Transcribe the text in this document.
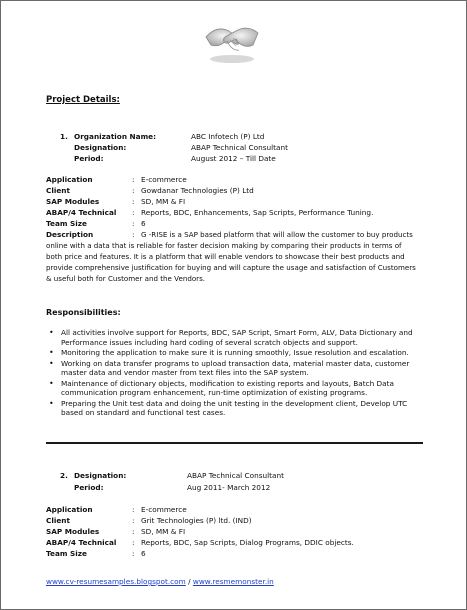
Project Details:
1. Organization Name:	ABC Infotech (P) Ltd
Designation:	ABAP Technical Consultant
Period:	August 2012 – Till Date
Application	: E-commerce
Client	: Gowdanar Technologies (P) Ltd
SAP Modules	: SD, MM & FI
ABAP/4 Technical : Reports, BDC, Enhancements, Sap Scripts, Performance Tuning.
Team Size	: 6
Description	: G -RISE is a SAP based platform that will allow the customer to buy products
online with a data that is reliable for faster decision making by comparing their products in terms of
both price and features. It is a platform that will enable vendors to showcase their best products and
provide comprehensive justification for buying and will capture the usage and satisfaction of Customers
& useful both for Customer and the Vendors.
Responsibilities:
• All activities involve support for Reports, BDC, SAP Script, Smart Form, ALV, Data Dictionary and Performance issues including hard coding of several scratch objects and support.
• Monitoring the application to make sure it is running smoothly, Issue resolution and escalation.
• Working on data transfer programs to upload transaction data, material master data, customer master data and vendor master from text files into the SAP system.
• Maintenance of dictionary objects, modification to existing reports and layouts, Batch Data communication program enhancement, run-time optimization of existing programs.
• Preparing the Unit test data and doing the unit testing in the development client, Develop UTC based on standard and functional test cases.
2. Designation:	ABAP Technical Consultant
Period:	Aug 2011- March 2012
Application	: E-commerce
Client	: Grit Technologies (P) ltd. (IND)
SAP Modules	: SD, MM & FI
ABAP/4 Technical : Reports, BDC, Sap Scripts, Dialog Programs, DDIC objects.
Team Size	: 6
www.cv-resumesamples.blogspot.com / www.resmemonster.in
